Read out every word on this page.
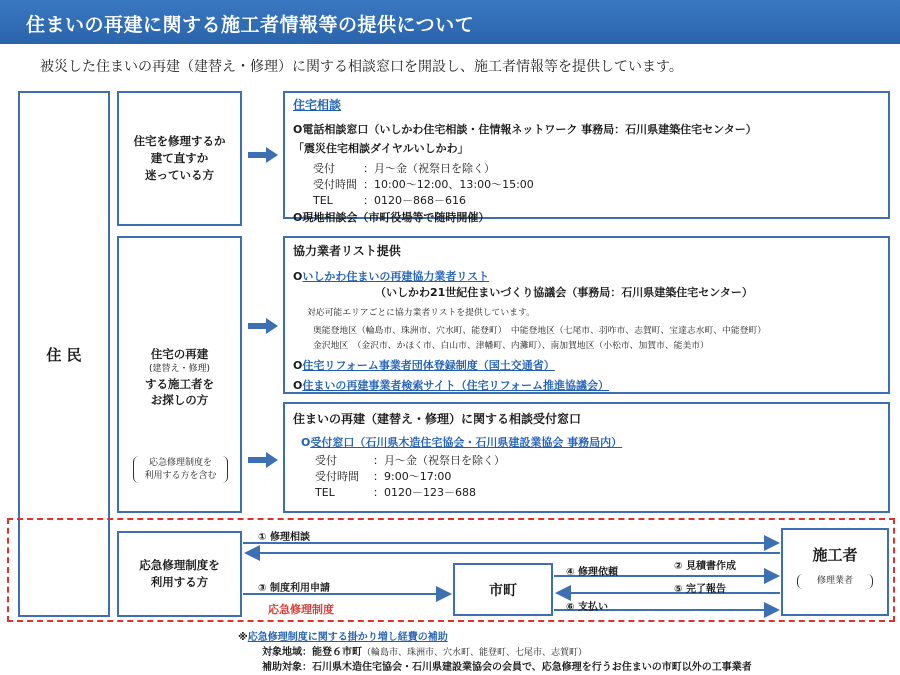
住まいの再建に関する施工者情報等の提供について
被災した住まいの再建（建替え・修理）に関する相談窓口を開設し、施工者情報等を提供しています。
住 民
住宅を修理するか
建て直すか
迷っている方
住宅の再建
(建替え・修理)
する施工者を
お探しの方
応急修理制度を
利用する方を含む
住宅相談
O電話相談窓口（いしかわ住宅相談・住情報ネットワーク 事務局：石川県建築住宅センター）
「震災住宅相談ダイヤルいしかわ」
受付	：月～金（祝祭日を除く）
受付時間 ：10:00～12:00、13:00～15:00
TEL	：0120－868－616
O現地相談会（市町役場等で随時開催）
協力業者リスト提供
Oいしかわ住まいの再建協力業者リスト
（いしかわ21世紀住まいづくり協議会（事務局：石川県建築住宅センター）
対応可能エリアごとに協力業者リストを提供しています。
奥能登地区（輪島市、珠洲市、穴水町、能登町）　中能登地区（七尾市、羽咋市、志賀町、宝達志水町、中能登町）
金沢地区　（金沢市、かほく市、白山市、津幡町、内灘町）、南加賀地区（小松市、加賀市、能美市）
O住宅リフォーム事業者団体登録制度（国土交通省）
O住まいの再建事業者検索サイト（住宅リフォーム推進協議会）
住まいの再建（建替え・修理）に関する相談受付窓口
O受付窓口（石川県木造住宅協会・石川県建設業協会 事務局内）
受付	：月～金（祝祭日を除く）
受付時間 ：9:00～17:00
TEL	：0120－123－688
応急修理制度を
利用する方
市町
施工者
修理業者
① 修理相談
② 見積書作成
③ 制度利用申請
応急修理制度
④ 修理依頼
⑤ 完了報告
⑥ 支払い
※応急修理制度に関する掛かり増し経費の補助
対象地域：能登６市町（輪島市、珠洲市、穴水町、能登町、七尾市、志賀町）
補助対象：石川県木造住宅協会・石川県建設業協会の会員で、応急修理を行うお住まいの市町以外の工事業者
